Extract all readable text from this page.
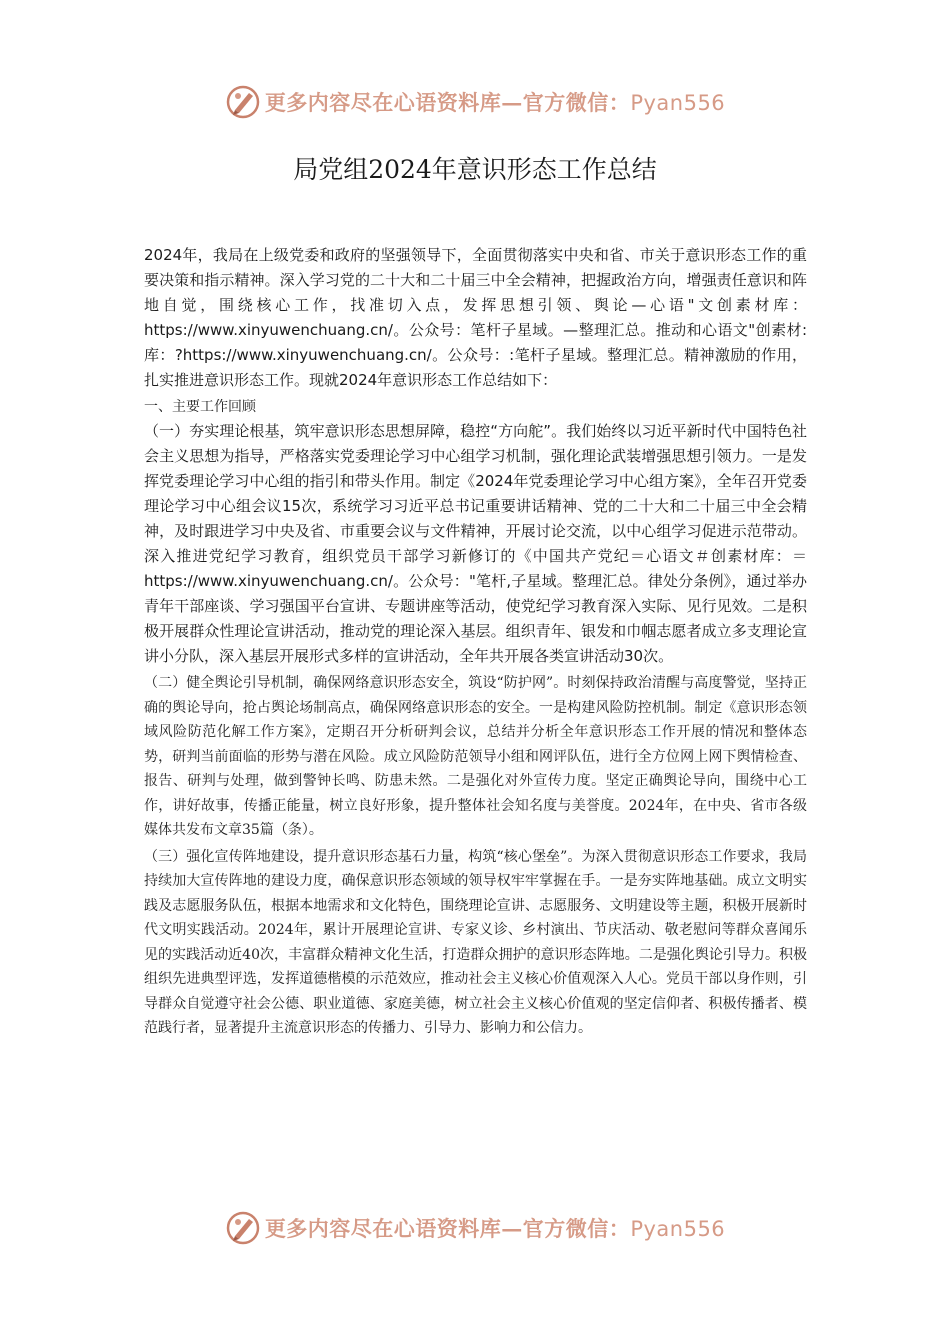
更多内容尽在心语资料库—官方微信：Pyan556
局党组2024年意识形态工作总结

2024年，我局在上级党委和政府的坚强领导下，全面贯彻落实中央和省、市关于意识形态工作的重要决策和指示精神。深入学习党的二十大和二十届三中全会精神，把握政治方向，增强责任意识和阵地自觉，围绕核心工作，找准切入点，发挥思想引领、舆论—心语"文创素材库：https://www.xinyuwenchuang.cn/。公众号：笔杆子星域。—整理汇总。推动和心语文"创素材:库：?https://www.xinyuwenchuang.cn/。公众号：:笔杆子星域。整理汇总。精神激励的作用，扎实推进意识形态工作。现就2024年意识形态工作总结如下：

一、主要工作回顾

（一）夯实理论根基，筑牢意识形态思想屏障，稳控“方向舵”。我们始终以习近平新时代中国特色社会主义思想为指导，严格落实党委理论学习中心组学习机制，强化理论武装增强思想引领力。一是发挥党委理论学习中心组的指引和带头作用。制定《2024年党委理论学习中心组方案》，全年召开党委理论学习中心组会议15次，系统学习习近平总书记重要讲话精神、党的二十大和二十届三中全会精神，及时跟进学习中央及省、市重要会议与文件精神，开展讨论交流，以中心组学习促进示范带动。深入推进党纪学习教育，组织党员干部学习新修订的《中国共产党纪＝心语文＃创素材库：＝https://www.xinyuwenchuang.cn/。公众号："笔杆,子星域。整理汇总。律处分条例》，通过举办青年干部座谈、学习强国平台宣讲、专题讲座等活动，使党纪学习教育深入实际、见行见效。二是积极开展群众性理论宣讲活动，推动党的理论深入基层。组织青年、银发和巾帼志愿者成立多支理论宣讲小分队，深入基层开展形式多样的宣讲活动，全年共开展各类宣讲活动30次。

（二）健全舆论引导机制，确保网络意识形态安全，筑设“防护网”。时刻保持政治清醒与高度警觉，坚持正确的舆论导向，抢占舆论场制高点，确保网络意识形态的安全。一是构建风险防控机制。制定《意识形态领域风险防范化解工作方案》，定期召开分析研判会议，总结并分析全年意识形态工作开展的情况和整体态势，研判当前面临的形势与潜在风险。成立风险防范领导小组和网评队伍，进行全方位网上网下舆情检查、报告、研判与处理，做到警钟长鸣、防患未然。二是强化对外宣传力度。坚定正确舆论导向，围绕中心工作，讲好故事，传播正能量，树立良好形象，提升整体社会知名度与美誉度。2024年，在中央、省市各级媒体共发布文章35篇（条）。

（三）强化宣传阵地建设，提升意识形态基石力量，构筑“核心堡垒”。为深入贯彻意识形态工作要求，我局持续加大宣传阵地的建设力度，确保意识形态领域的领导权牢牢掌握在手。一是夯实阵地基础。成立文明实践及志愿服务队伍，根据本地需求和文化特色，围绕理论宣讲、志愿服务、文明建设等主题，积极开展新时代文明实践活动。2024年，累计开展理论宣讲、专家义诊、乡村演出、节庆活动、敬老慰问等群众喜闻乐见的实践活动近40次，丰富群众精神文化生活，打造群众拥护的意识形态阵地。二是强化舆论引导力。积极组织先进典型评选，发挥道德楷模的示范效应，推动社会主义核心价值观深入人心。党员干部以身作则，引导群众自觉遵守社会公德、职业道德、家庭美德，树立社会主义核心价值观的坚定信仰者、积极传播者、模范践行者，显著提升主流意识形态的传播力、引导力、影响力和公信力。

更多内容尽在心语资料库—官方微信：Pyan556
